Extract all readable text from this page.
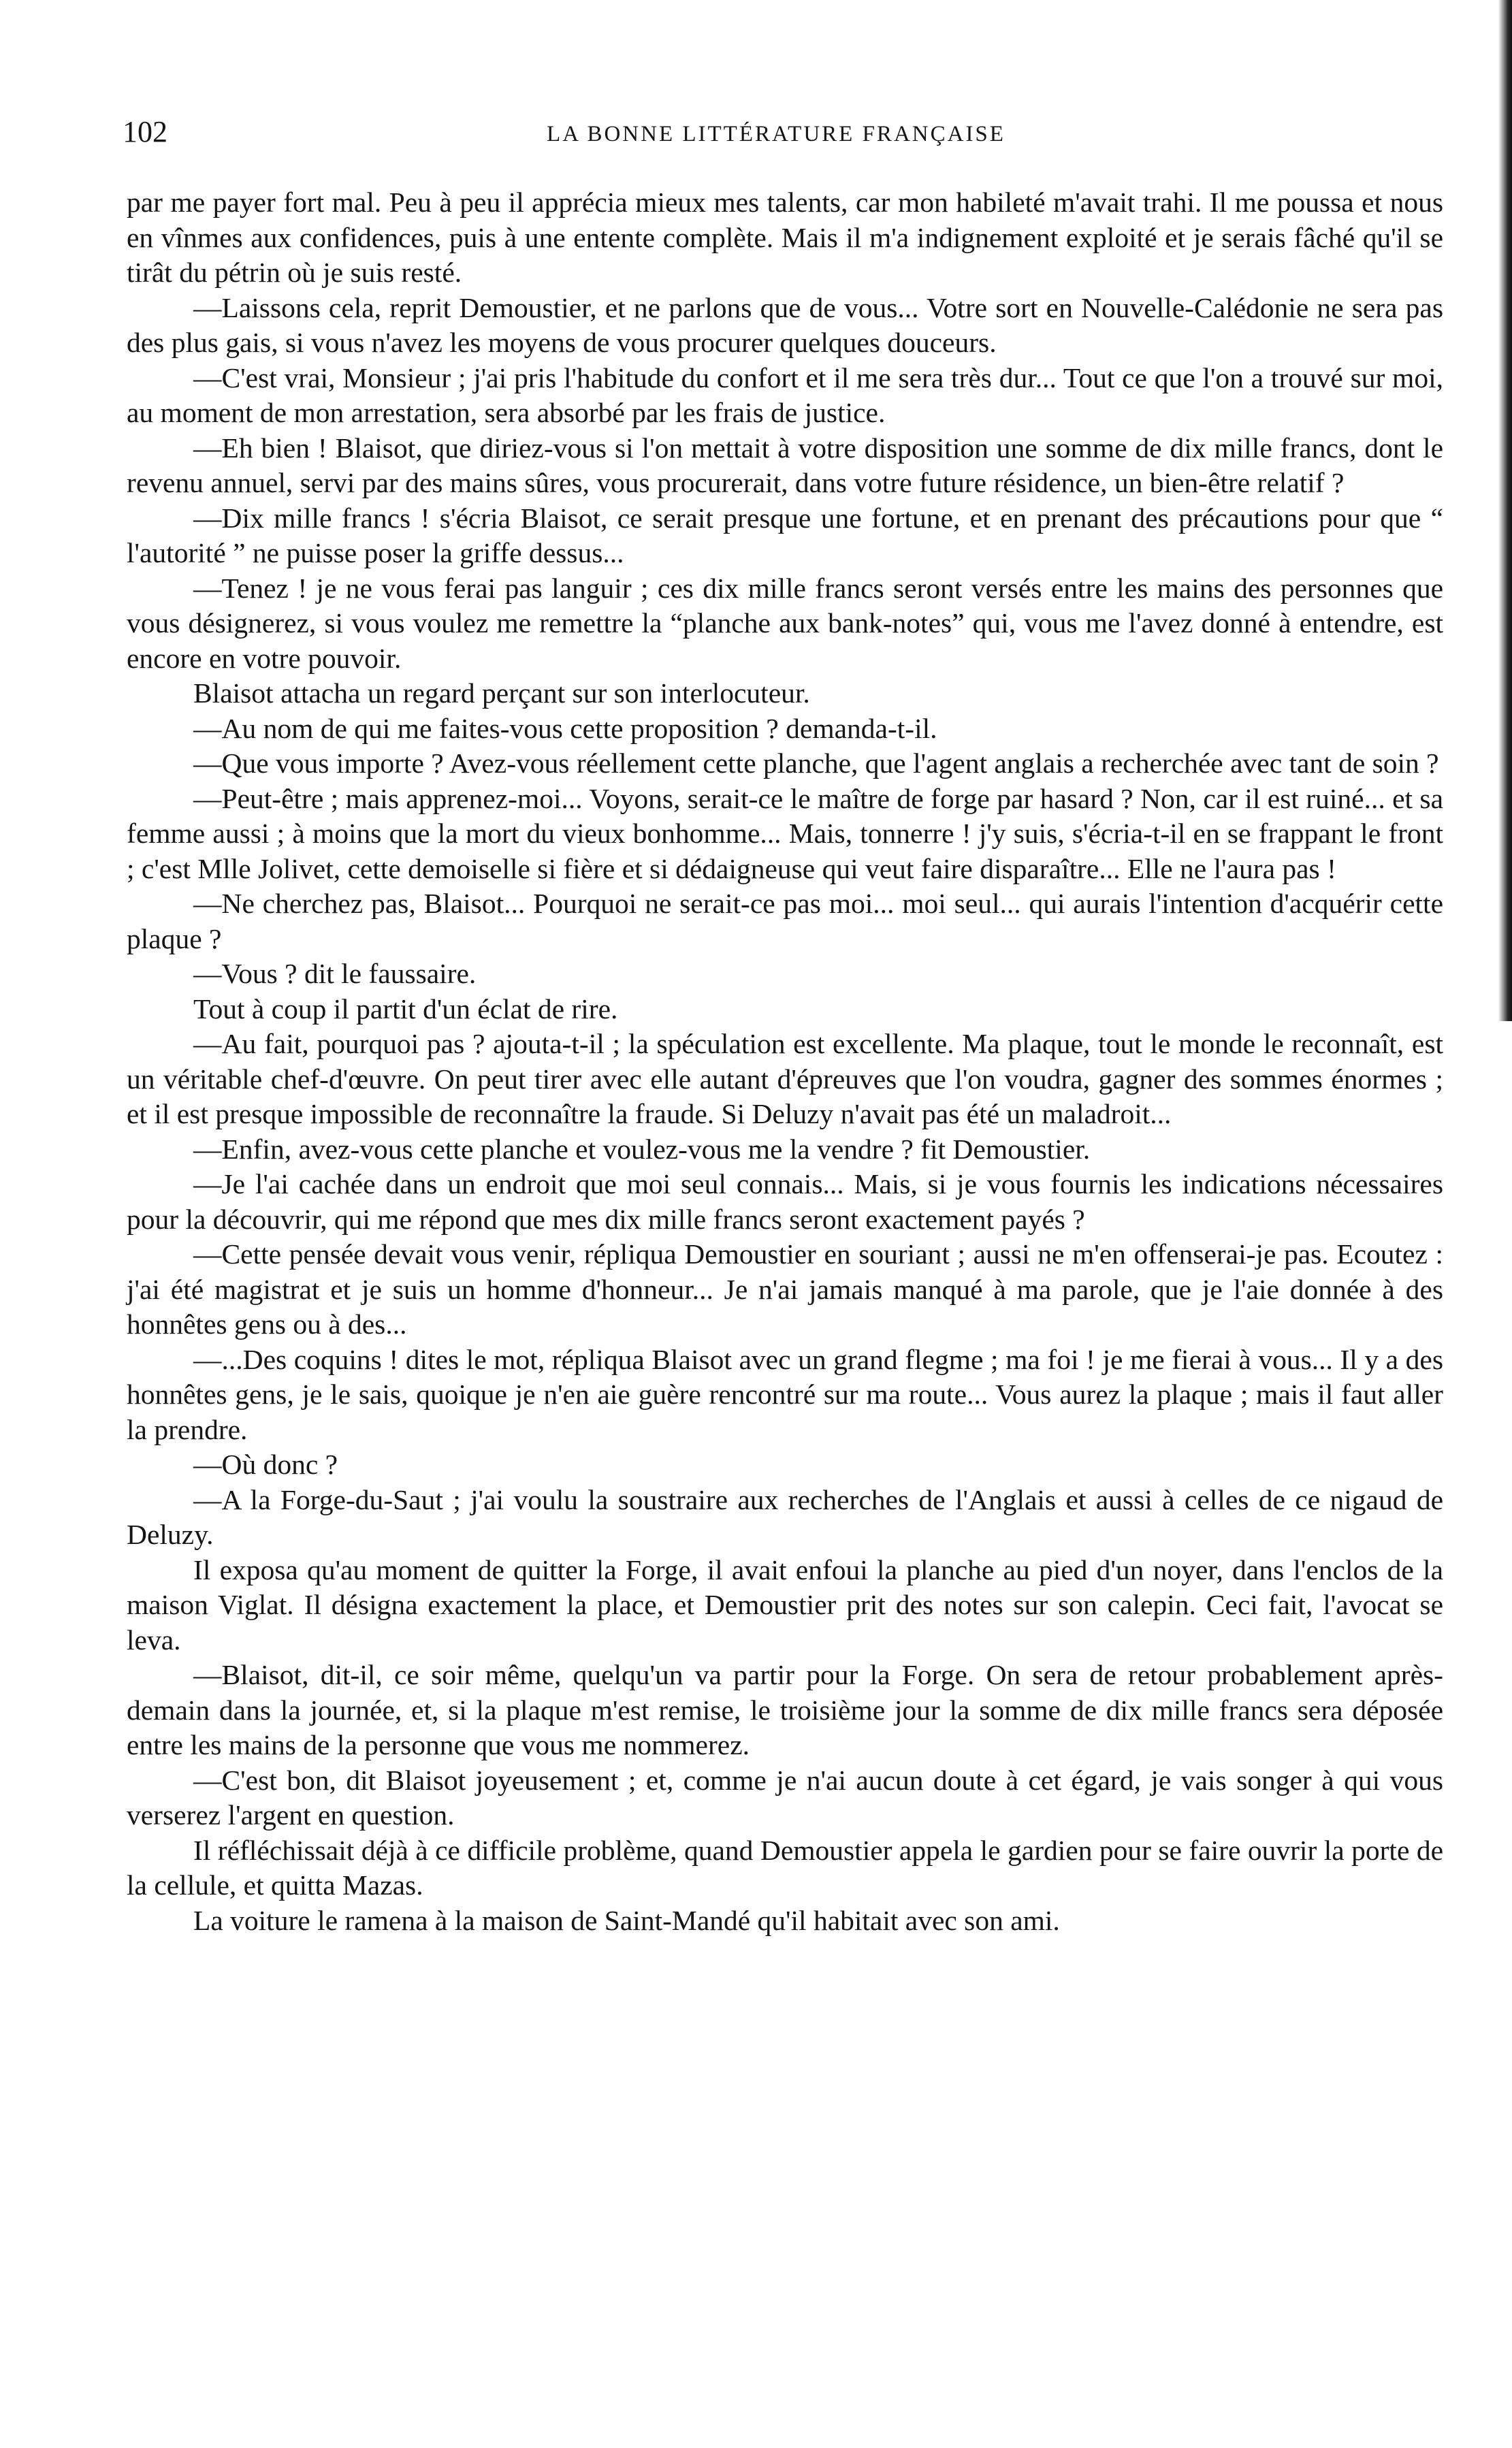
102	LA BONNE LITTÉRATURE FRANÇAISE

par me payer fort mal. Peu à peu il apprécia mieux mes talents, car mon habileté m'avait trahi. Il me poussa et nous en vînmes aux confidences, puis à une entente complète. Mais il m'a indignement exploité et je serais fâché qu'il se tirât du pétrin où je suis resté.

—Laissons cela, reprit Demoustier, et ne parlons que de vous... Votre sort en Nouvelle-Calédonie ne sera pas des plus gais, si vous n'avez les moyens de vous procurer quelques douceurs.

—C'est vrai, Monsieur ; j'ai pris l'habitude du confort et il me sera très dur... Tout ce que l'on a trouvé sur moi, au moment de mon arrestation, sera absorbé par les frais de justice.

—Eh bien ! Blaisot, que diriez-vous si l'on mettait à votre disposition une somme de dix mille francs, dont le revenu annuel, servi par des mains sûres, vous procurerait, dans votre future résidence, un bien-être relatif ?

—Dix mille francs ! s'écria Blaisot, ce serait presque une fortune, et en prenant des précautions pour que “ l'autorité ” ne puisse poser la griffe dessus...

—Tenez ! je ne vous ferai pas languir ; ces dix mille francs seront versés entre les mains des personnes que vous désignerez, si vous voulez me remettre la “planche aux bank-notes” qui, vous me l'avez donné à entendre, est encore en votre pouvoir.

Blaisot attacha un regard perçant sur son interlocuteur.

—Au nom de qui me faites-vous cette proposition ? demanda-t-il.

—Que vous importe ? Avez-vous réellement cette planche, que l'agent anglais a recherchée avec tant de soin ?

—Peut-être ; mais apprenez-moi... Voyons, serait-ce le maître de forge par hasard ? Non, car il est ruiné... et sa femme aussi ; à moins que la mort du vieux bonhomme... Mais, tonnerre ! j'y suis, s'écria-t-il en se frappant le front ; c'est Mlle Jolivet, cette demoiselle si fière et si dédaigneuse qui veut faire disparaître... Elle ne l'aura pas !

—Ne cherchez pas, Blaisot... Pourquoi ne serait-ce pas moi... moi seul... qui aurais l'intention d'acquérir cette plaque ?

—Vous ? dit le faussaire.

Tout à coup il partit d'un éclat de rire.

—Au fait, pourquoi pas ? ajouta-t-il ; la spéculation est excellente. Ma plaque, tout le monde le reconnaît, est un véritable chef-d'œuvre. On peut tirer avec elle autant d'épreuves que l'on voudra, gagner des sommes énormes ; et il est presque impossible de reconnaître la fraude. Si Deluzy n'avait pas été un maladroit...

—Enfin, avez-vous cette planche et voulez-vous me la vendre ? fit Demoustier.

—Je l'ai cachée dans un endroit que moi seul connais... Mais, si je vous fournis les indications nécessaires pour la découvrir, qui me répond que mes dix mille francs seront exactement payés ?

—Cette pensée devait vous venir, répliqua Demoustier en souriant ; aussi ne m'en offenserai-je pas. Ecoutez : j'ai été magistrat et je suis un homme d'honneur... Je n'ai jamais manqué à ma parole, que je l'aie donnée à des honnêtes gens ou à des...

—...Des coquins ! dites le mot, répliqua Blaisot avec un grand flegme ; ma foi ! je me fierai à vous... Il y a des honnêtes gens, je le sais, quoique je n'en aie guère rencontré sur ma route... Vous aurez la plaque ; mais il faut aller la prendre.

—Où donc ?

—A la Forge-du-Saut ; j'ai voulu la soustraire aux recherches de l'Anglais et aussi à celles de ce nigaud de Deluzy.

Il exposa qu'au moment de quitter la Forge, il avait enfoui la planche au pied d'un noyer, dans l'enclos de la maison Viglat. Il désigna exactement la place, et Demoustier prit des notes sur son calepin. Ceci fait, l'avocat se leva.

—Blaisot, dit-il, ce soir même, quelqu'un va partir pour la Forge. On sera de retour probablement après-demain dans la journée, et, si la plaque m'est remise, le troisième jour la somme de dix mille francs sera déposée entre les mains de la personne que vous me nommerez.

—C'est bon, dit Blaisot joyeusement ; et, comme je n'ai aucun doute à cet égard, je vais songer à qui vous verserez l'argent en question.

Il réfléchissait déjà à ce difficile problème, quand Demoustier appela le gardien pour se faire ouvrir la porte de la cellule, et quitta Mazas.

La voiture le ramena à la maison de Saint-Mandé qu'il habitait avec son ami.
